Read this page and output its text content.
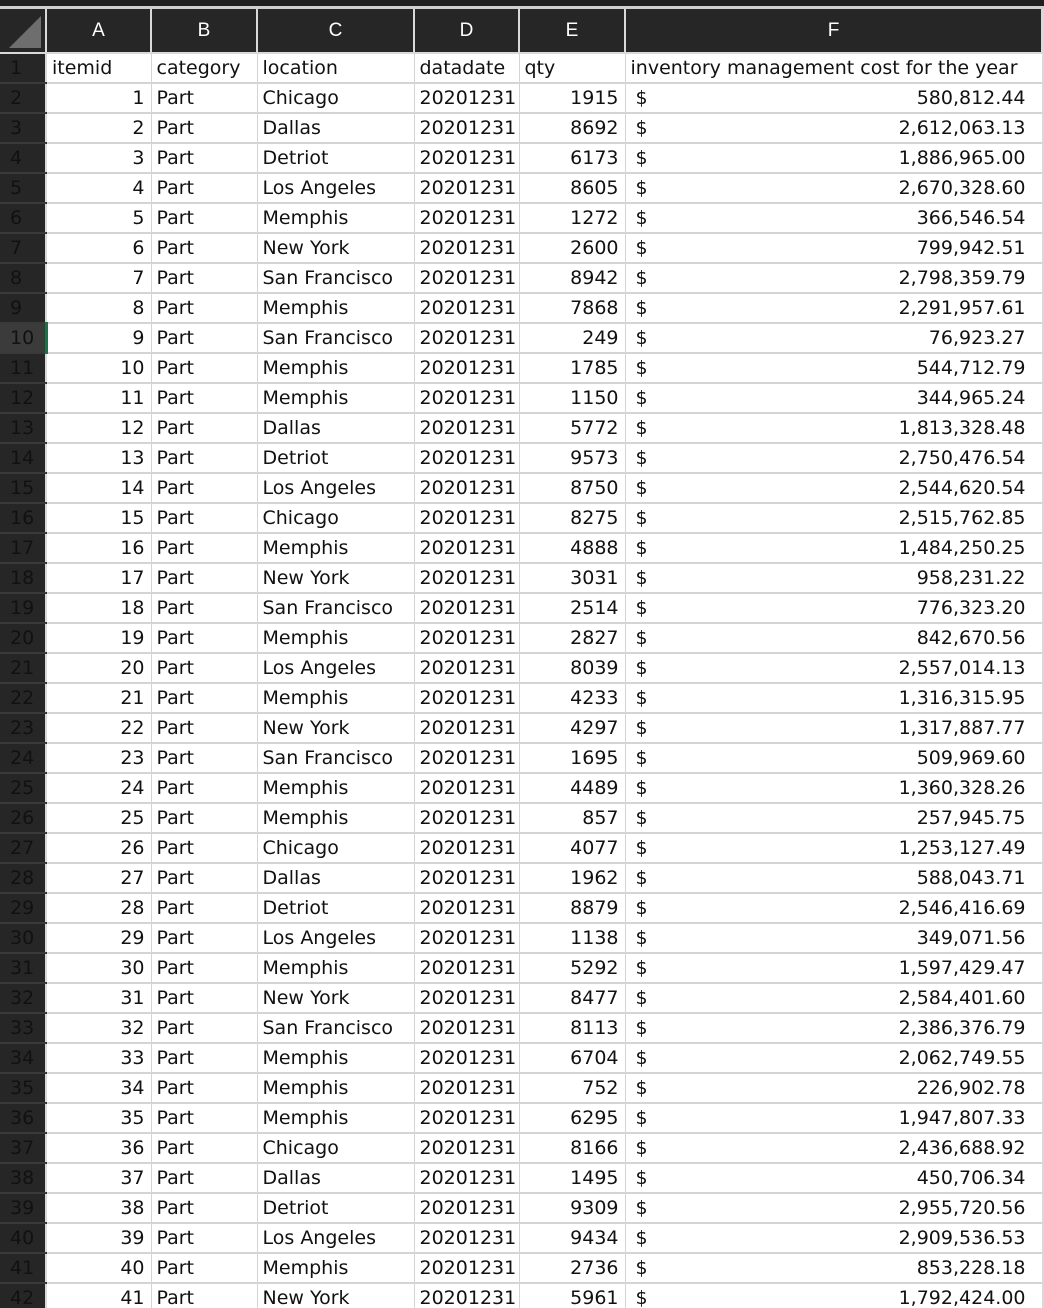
	A	B	C	D	E	F
1	itemid	category	location	datadate	qty	inventory management cost for the year
2	1	Part	Chicago	20201231	1915	$ 580,812.44
3	2	Part	Dallas	20201231	8692	$ 2,612,063.13
4	3	Part	Detriot	20201231	6173	$ 1,886,965.00
5	4	Part	Los Angeles	20201231	8605	$ 2,670,328.60
6	5	Part	Memphis	20201231	1272	$ 366,546.54
7	6	Part	New York	20201231	2600	$ 799,942.51
8	7	Part	San Francisco	20201231	8942	$ 2,798,359.79
9	8	Part	Memphis	20201231	7868	$ 2,291,957.61
10	9	Part	San Francisco	20201231	249	$ 76,923.27
11	10	Part	Memphis	20201231	1785	$ 544,712.79
12	11	Part	Memphis	20201231	1150	$ 344,965.24
13	12	Part	Dallas	20201231	5772	$ 1,813,328.48
14	13	Part	Detriot	20201231	9573	$ 2,750,476.54
15	14	Part	Los Angeles	20201231	8750	$ 2,544,620.54
16	15	Part	Chicago	20201231	8275	$ 2,515,762.85
17	16	Part	Memphis	20201231	4888	$ 1,484,250.25
18	17	Part	New York	20201231	3031	$ 958,231.22
19	18	Part	San Francisco	20201231	2514	$ 776,323.20
20	19	Part	Memphis	20201231	2827	$ 842,670.56
21	20	Part	Los Angeles	20201231	8039	$ 2,557,014.13
22	21	Part	Memphis	20201231	4233	$ 1,316,315.95
23	22	Part	New York	20201231	4297	$ 1,317,887.77
24	23	Part	San Francisco	20201231	1695	$ 509,969.60
25	24	Part	Memphis	20201231	4489	$ 1,360,328.26
26	25	Part	Memphis	20201231	857	$ 257,945.75
27	26	Part	Chicago	20201231	4077	$ 1,253,127.49
28	27	Part	Dallas	20201231	1962	$ 588,043.71
29	28	Part	Detriot	20201231	8879	$ 2,546,416.69
30	29	Part	Los Angeles	20201231	1138	$ 349,071.56
31	30	Part	Memphis	20201231	5292	$ 1,597,429.47
32	31	Part	New York	20201231	8477	$ 2,584,401.60
33	32	Part	San Francisco	20201231	8113	$ 2,386,376.79
34	33	Part	Memphis	20201231	6704	$ 2,062,749.55
35	34	Part	Memphis	20201231	752	$ 226,902.78
36	35	Part	Memphis	20201231	6295	$ 1,947,807.33
37	36	Part	Chicago	20201231	8166	$ 2,436,688.92
38	37	Part	Dallas	20201231	1495	$ 450,706.34
39	38	Part	Detriot	20201231	9309	$ 2,955,720.56
40	39	Part	Los Angeles	20201231	9434	$ 2,909,536.53
41	40	Part	Memphis	20201231	2736	$ 853,228.18
42	41	Part	New York	20201231	5961	$ 1,792,424.00
